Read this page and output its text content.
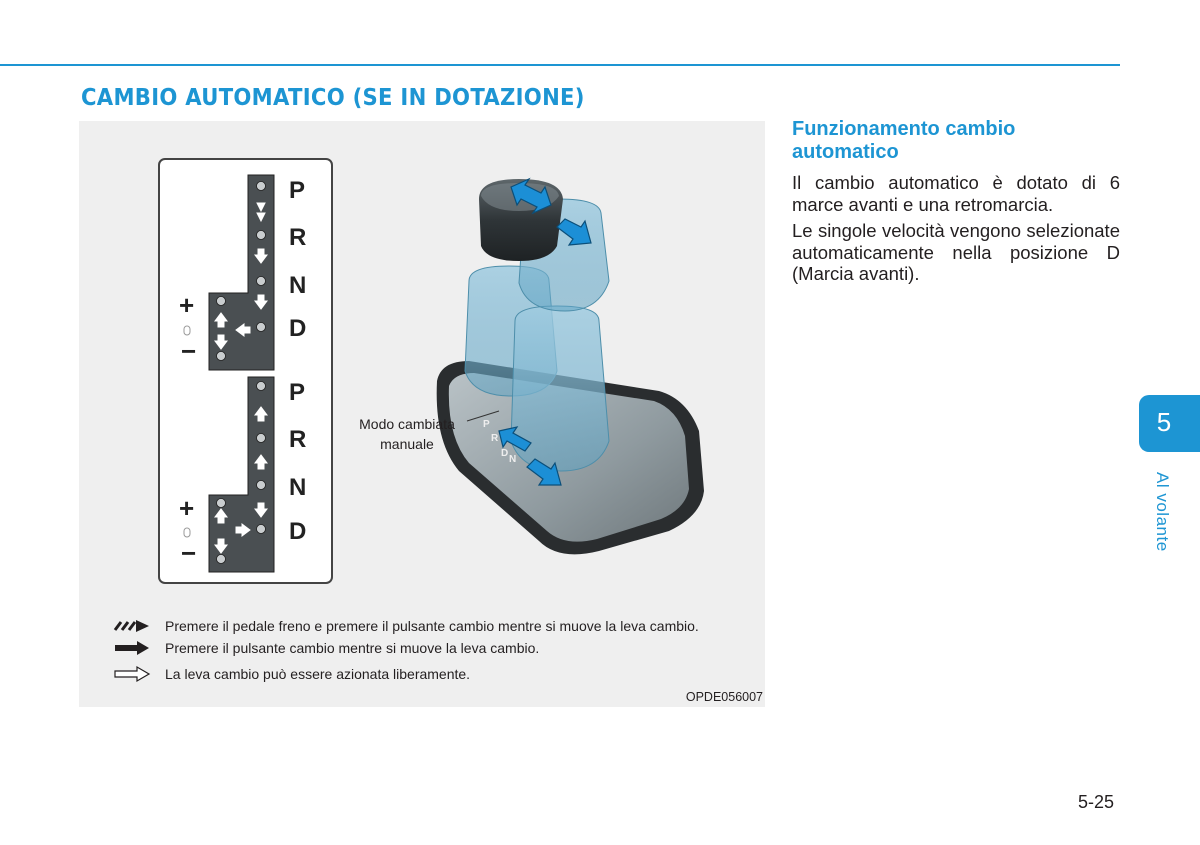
CAMBIO AUTOMATICO (SE IN DOTAZIONE)
P
R
N
D
P
R
N
D
+
−
+
−
P
R
D
N
Modo cambiata
manuale
Premere il pedale freno e premere il pulsante cambio mentre si muove la leva cambio.
Premere il pulsante cambio mentre si muove la leva cambio.
La leva cambio può essere azionata liberamente.
OPDE056007
Funzionamento cambio automatico

Il cambio automatico è dotato di 6 marce avanti e una retromarcia.

Le singole velocità vengono selezionate automaticamente nella posizione D (Marcia avanti).

5
Al volante
5-25
